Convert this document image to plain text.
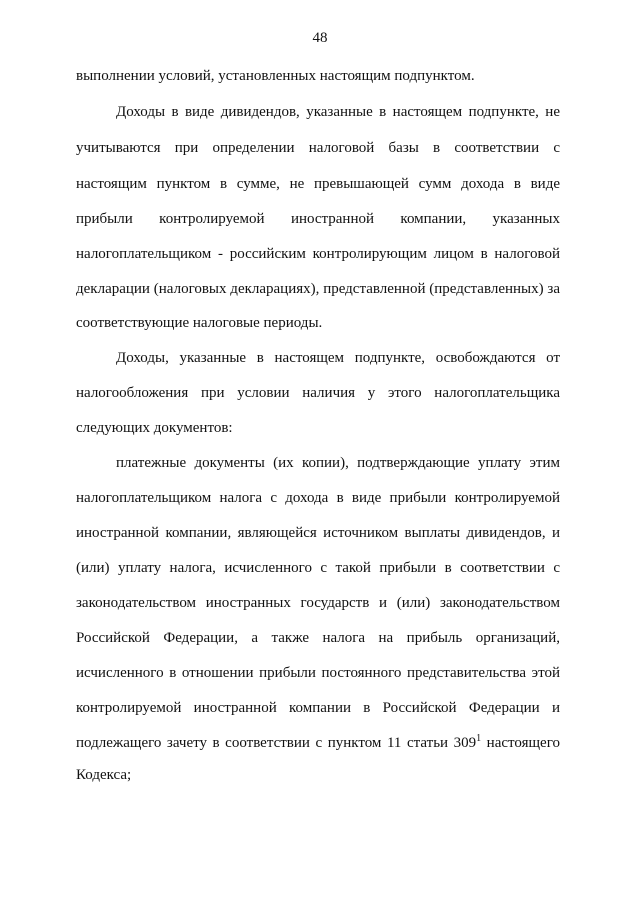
48
выполнении условий, установленных настоящим подпунктом.
Доходы в виде дивидендов, указанные в настоящем подпункте, не
учитываются при определении налоговой базы в соответствии с
настоящим пунктом в сумме, не превышающей сумм дохода в виде
прибыли контролируемой иностранной компании, указанных
налогоплательщиком - российским контролирующим лицом в налоговой
декларации (налоговых декларациях), представленной (представленных) за
соответствующие налоговые периоды.
Доходы, указанные в настоящем подпункте, освобождаются от
налогообложения при условии наличия у этого налогоплательщика
следующих документов:
платежные документы (их копии), подтверждающие уплату этим
налогоплательщиком налога с дохода в виде прибыли контролируемой
иностранной компании, являющейся источником выплаты дивидендов, и
(или) уплату налога, исчисленного с такой прибыли в соответствии с
законодательством иностранных государств и (или) законодательством
Российской Федерации, а также налога на прибыль организаций,
исчисленного в отношении прибыли постоянного представительства этой
контролируемой иностранной компании в Российской Федерации и
подлежащего зачету в соответствии с пунктом 11 статьи $309^1$ настоящего
Кодекса;
